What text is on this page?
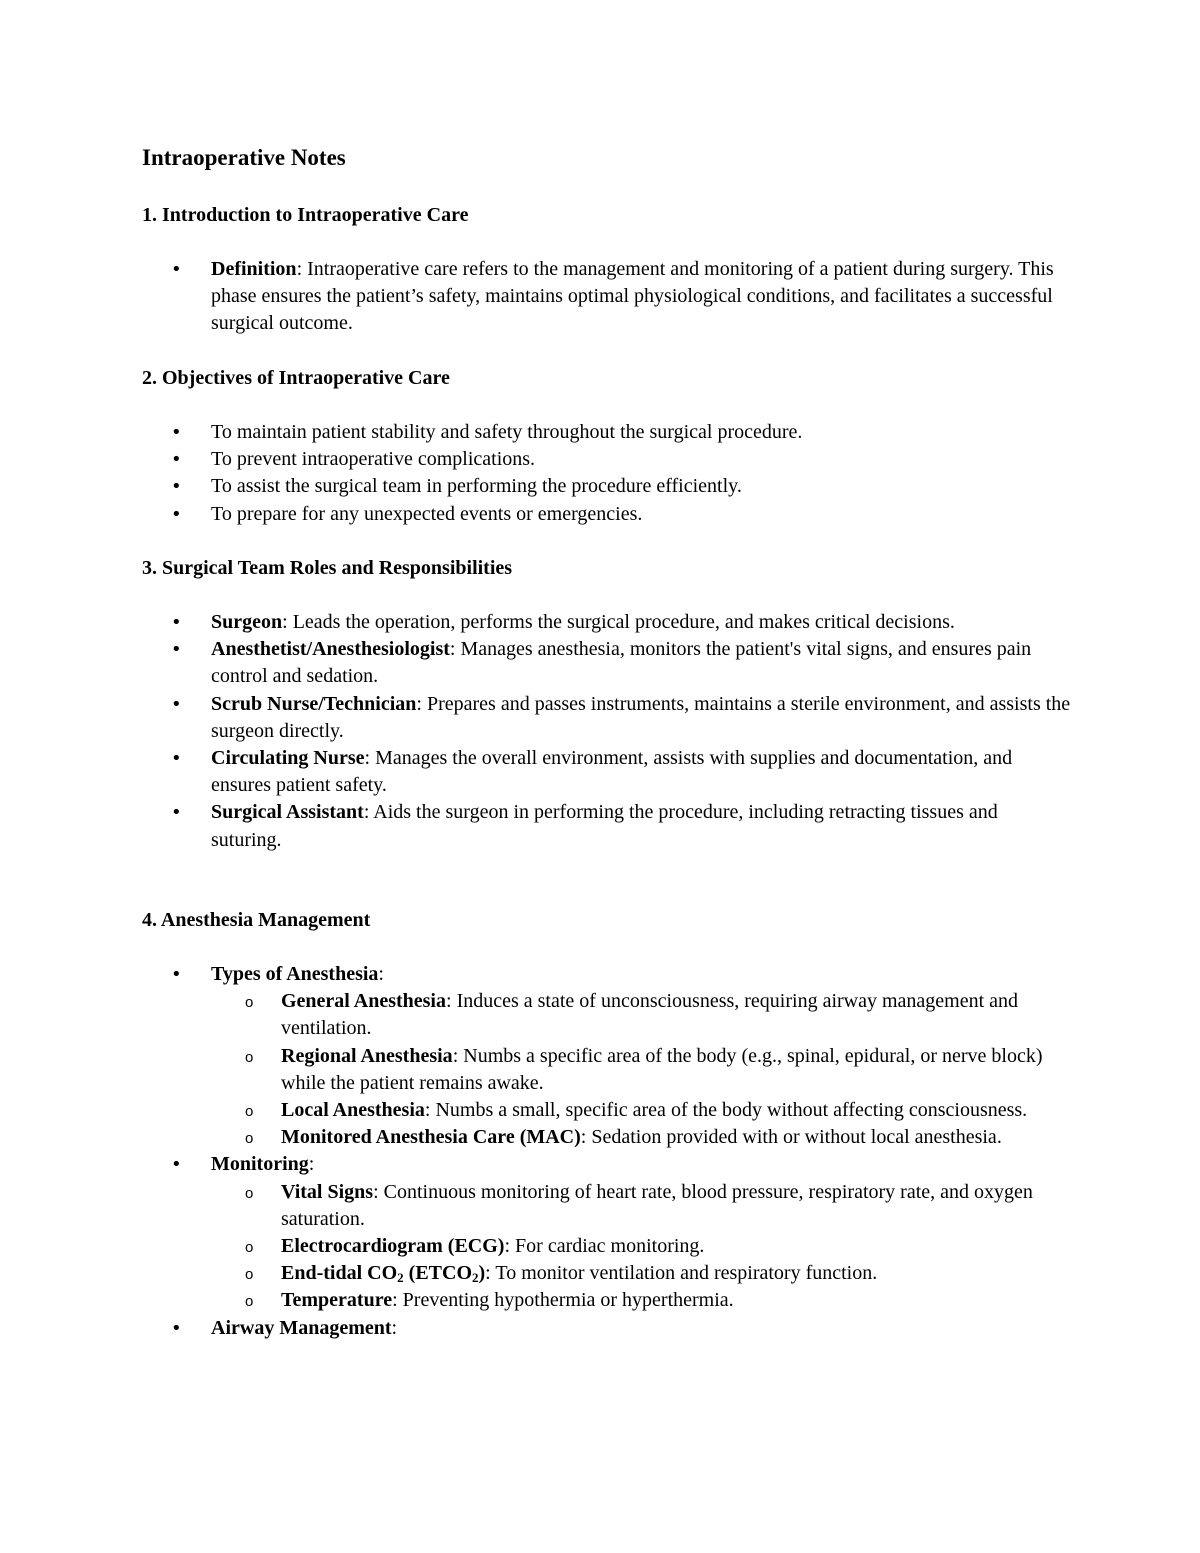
Intraoperative Notes
1. Introduction to Intraoperative Care
• Definition: Intraoperative care refers to the management and monitoring of a patient during surgery. This phase ensures the patient’s safety, maintains optimal physiological conditions, and facilitates a successful surgical outcome.
2. Objectives of Intraoperative Care
• To maintain patient stability and safety throughout the surgical procedure.
• To prevent intraoperative complications.
• To assist the surgical team in performing the procedure efficiently.
• To prepare for any unexpected events or emergencies.
3. Surgical Team Roles and Responsibilities
• Surgeon: Leads the operation, performs the surgical procedure, and makes critical decisions.
• Anesthetist/Anesthesiologist: Manages anesthesia, monitors the patient's vital signs, and ensures pain control and sedation.
• Scrub Nurse/Technician: Prepares and passes instruments, maintains a sterile environment, and assists the surgeon directly.
• Circulating Nurse: Manages the overall environment, assists with supplies and documentation, and ensures patient safety.
• Surgical Assistant: Aids the surgeon in performing the procedure, including retracting tissues and suturing.
4. Anesthesia Management
• Types of Anesthesia:
o General Anesthesia: Induces a state of unconsciousness, requiring airway management and ventilation.
o Regional Anesthesia: Numbs a specific area of the body (e.g., spinal, epidural, or nerve block) while the patient remains awake.
o Local Anesthesia: Numbs a small, specific area of the body without affecting consciousness.
o Monitored Anesthesia Care (MAC): Sedation provided with or without local anesthesia.
• Monitoring:
o Vital Signs: Continuous monitoring of heart rate, blood pressure, respiratory rate, and oxygen saturation.
o Electrocardiogram (ECG): For cardiac monitoring.
o End-tidal $CO_2$ $(ETCO_2)$: To monitor ventilation and respiratory function.
o Temperature: Preventing hypothermia or hyperthermia.
• Airway Management:
